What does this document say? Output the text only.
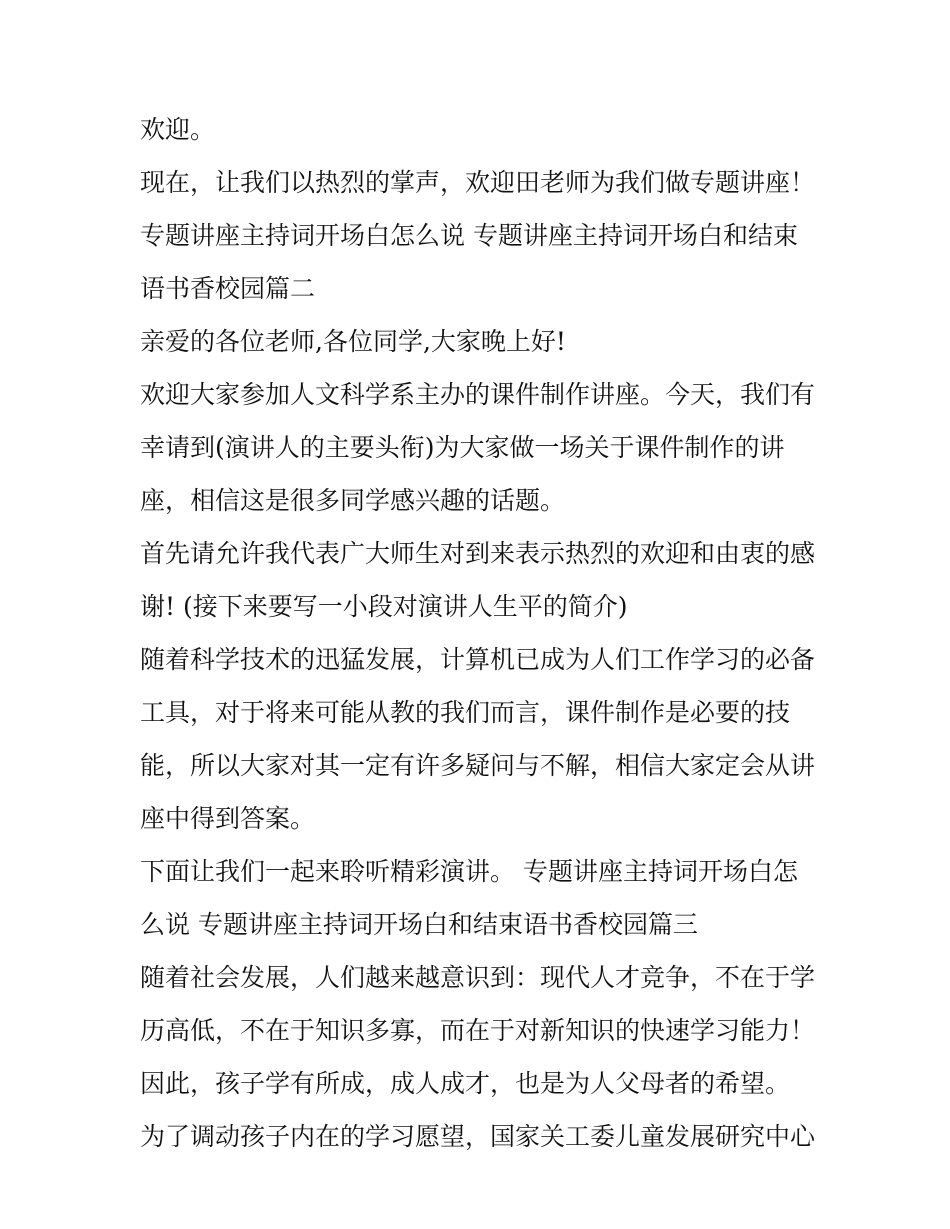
欢迎。
现在，让我们以热烈的掌声，欢迎田老师为我们做专题讲座！
专题讲座主持词开场白怎么说 专题讲座主持词开场白和结束
语书香校园篇二
亲爱的各位老师,各位同学,大家晚上好!
欢迎大家参加人文科学系主办的课件制作讲座。今天，我们有
幸请到(演讲人的主要头衔)为大家做一场关于课件制作的讲
座，相信这是很多同学感兴趣的话题。
首先请允许我代表广大师生对到来表示热烈的欢迎和由衷的感
谢! (接下来要写一小段对演讲人生平的简介)
随着科学技术的迅猛发展，计算机已成为人们工作学习的必备
工具，对于将来可能从教的我们而言，课件制作是必要的技
能，所以大家对其一定有许多疑问与不解，相信大家定会从讲
座中得到答案。
下面让我们一起来聆听精彩演讲。 专题讲座主持词开场白怎
么说 专题讲座主持词开场白和结束语书香校园篇三
随着社会发展，人们越来越意识到：现代人才竞争，不在于学
历高低，不在于知识多寡，而在于对新知识的快速学习能力！
因此，孩子学有所成，成人成才，也是为人父母者的希望。
为了调动孩子内在的学习愿望，国家关工委儿童发展研究中心
